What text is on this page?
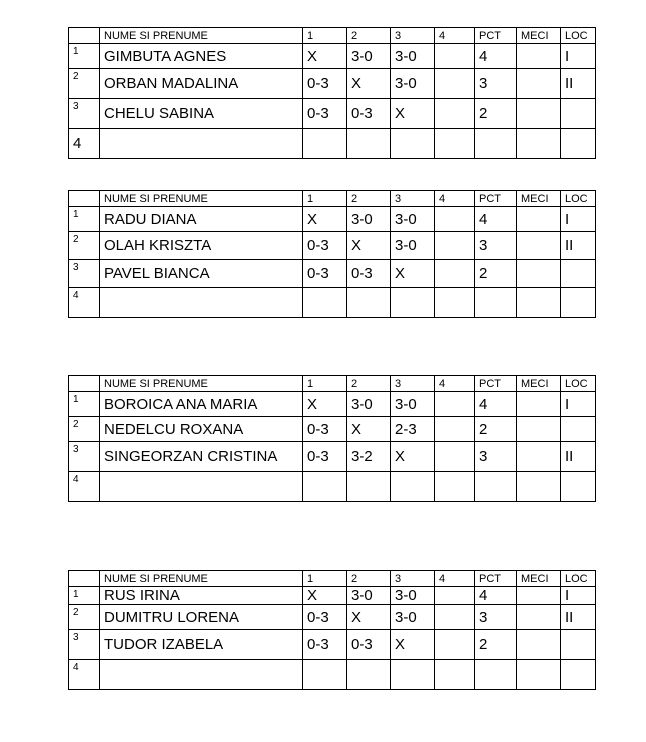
	NUME SI PRENUME	1	2	3	4	PCT	MECI	LOC
1	GIMBUTA AGNES	X	3-0	3-0		4		I
2	ORBAN MADALINA	0-3	X	3-0		3		II
3	CHELU SABINA	0-3	0-3	X		2		
4								
	NUME SI PRENUME	1	2	3	4	PCT	MECI	LOC
1	RADU DIANA	X	3-0	3-0		4		I
2	OLAH KRISZTA	0-3	X	3-0		3		II
3	PAVEL BIANCA	0-3	0-3	X		2		
4								
	NUME SI PRENUME	1	2	3	4	PCT	MECI	LOC
1	BOROICA ANA MARIA	X	3-0	3-0		4		I
2	NEDELCU ROXANA	0-3	X	2-3		2		
3	SINGEORZAN CRISTINA	0-3	3-2	X		3		II
4								
	NUME SI PRENUME	1	2	3	4	PCT	MECI	LOC
1	RUS IRINA	X	3-0	3-0		4		I
2	DUMITRU LORENA	0-3	X	3-0		3		II
3	TUDOR IZABELA	0-3	0-3	X		2		
4								
